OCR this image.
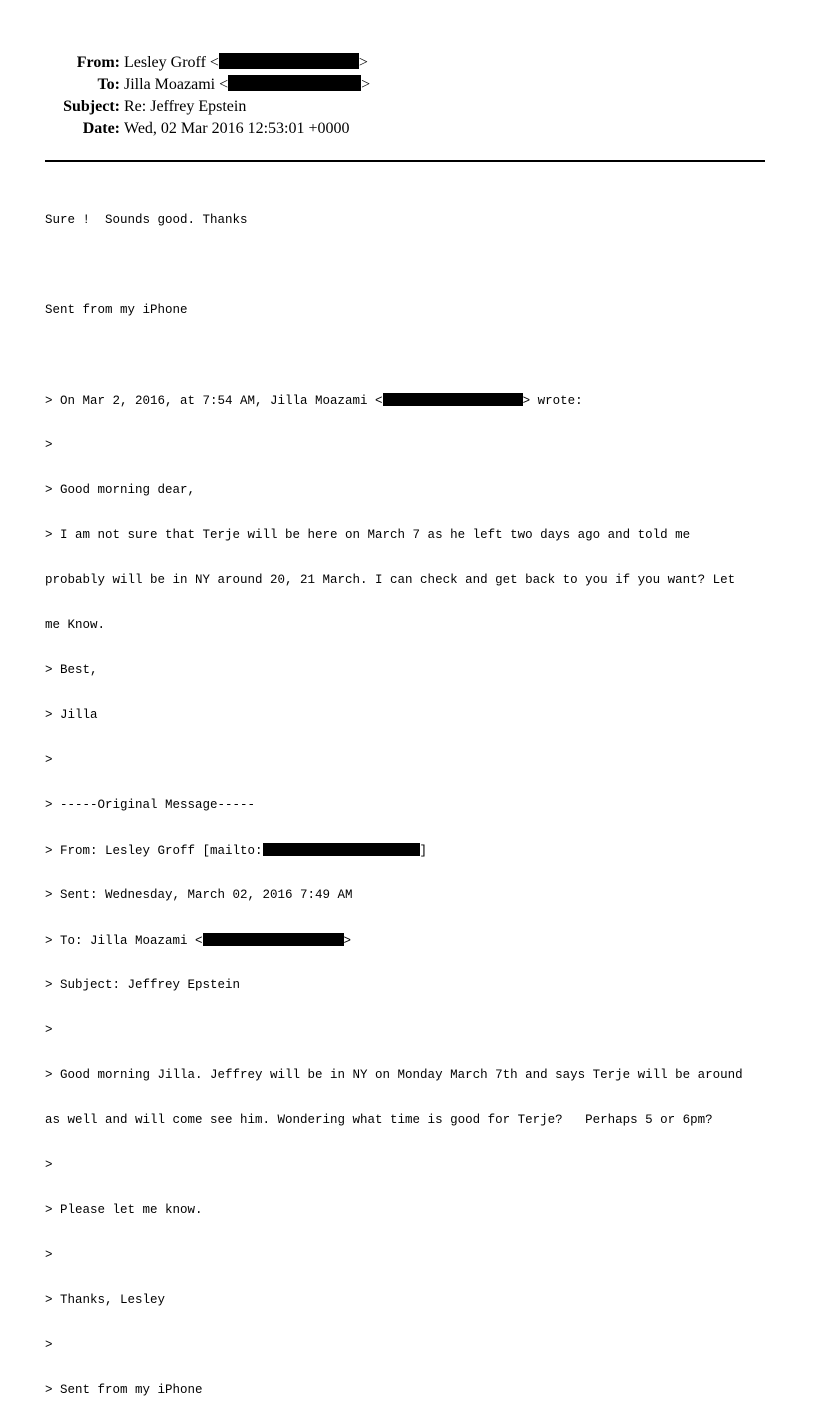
From: Lesley Groff <	>
To: Jilla Moazami <	>
Subject: Re: Jeffrey Epstein
Date: Wed, 02 Mar 2016 12:53:01 +0000

Sure !  Sounds good. Thanks

Sent from my iPhone

> On Mar 2, 2016, at 7:54 AM, Jilla Moazami <	> wrote:

>

> Good morning dear,

> I am not sure that Terje will be here on March 7 as he left two days ago and told me

probably will be in NY around 20, 21 March. I can check and get back to you if you want? Let

me Know.

> Best,

> Jilla

>

> -----Original Message-----

> From: Lesley Groff [mailto:	]

> Sent: Wednesday, March 02, 2016 7:49 AM

> To: Jilla Moazami <	>

> Subject: Jeffrey Epstein

>

> Good morning Jilla. Jeffrey will be in NY on Monday March 7th and says Terje will be around

as well and will come see him. Wondering what time is good for Terje?   Perhaps 5 or 6pm?

>

> Please let me know.

>

> Thanks, Lesley

>

> Sent from my iPhone
